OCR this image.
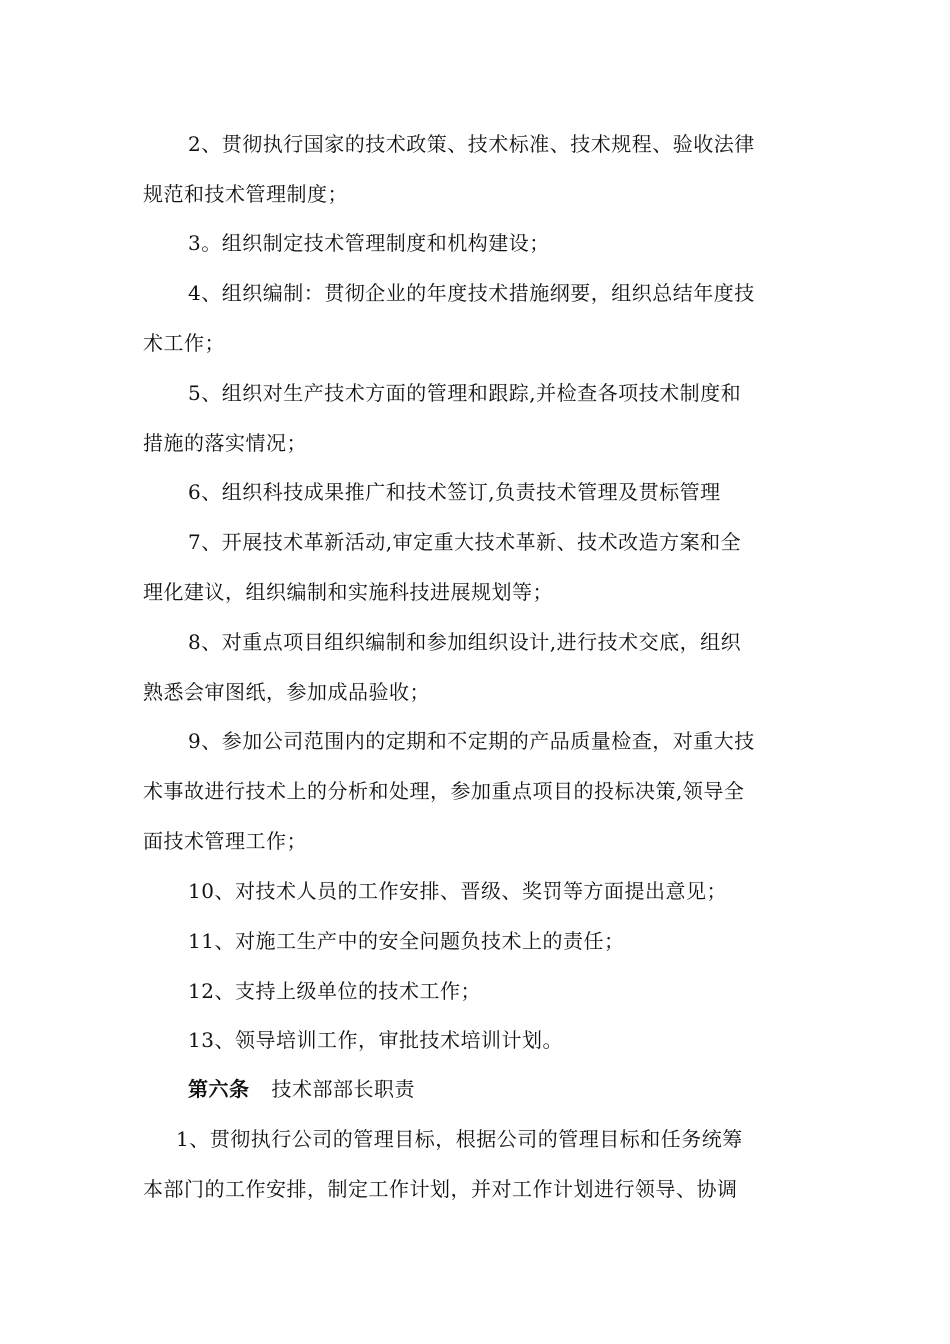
2、贯彻执行国家的技术政策、技术标准、技术规程、验收法律
规范和技术管理制度；
3。组织制定技术管理制度和机构建设；
4、组织编制：贯彻企业的年度技术措施纲要，组织总结年度技
术工作；
5、组织对生产技术方面的管理和跟踪,并检查各项技术制度和
措施的落实情况；
6、组织科技成果推广和技术签订,负责技术管理及贯标管理
7、开展技术革新活动,审定重大技术革新、技术改造方案和全
理化建议，组织编制和实施科技进展规划等；
8、对重点项目组织编制和参加组织设计,进行技术交底，组织
熟悉会审图纸，参加成品验收；
9、参加公司范围内的定期和不定期的产品质量检查，对重大技
术事故进行技术上的分析和处理，参加重点项目的投标决策,领导全
面技术管理工作；
10、对技术人员的工作安排、晋级、奖罚等方面提出意见；
11、对施工生产中的安全问题负技术上的责任；
12、支持上级单位的技术工作；
13、领导培训工作，审批技术培训计划。
第六条 技术部部长职责
1、贯彻执行公司的管理目标，根据公司的管理目标和任务统筹
本部门的工作安排，制定工作计划，并对工作计划进行领导、协调
